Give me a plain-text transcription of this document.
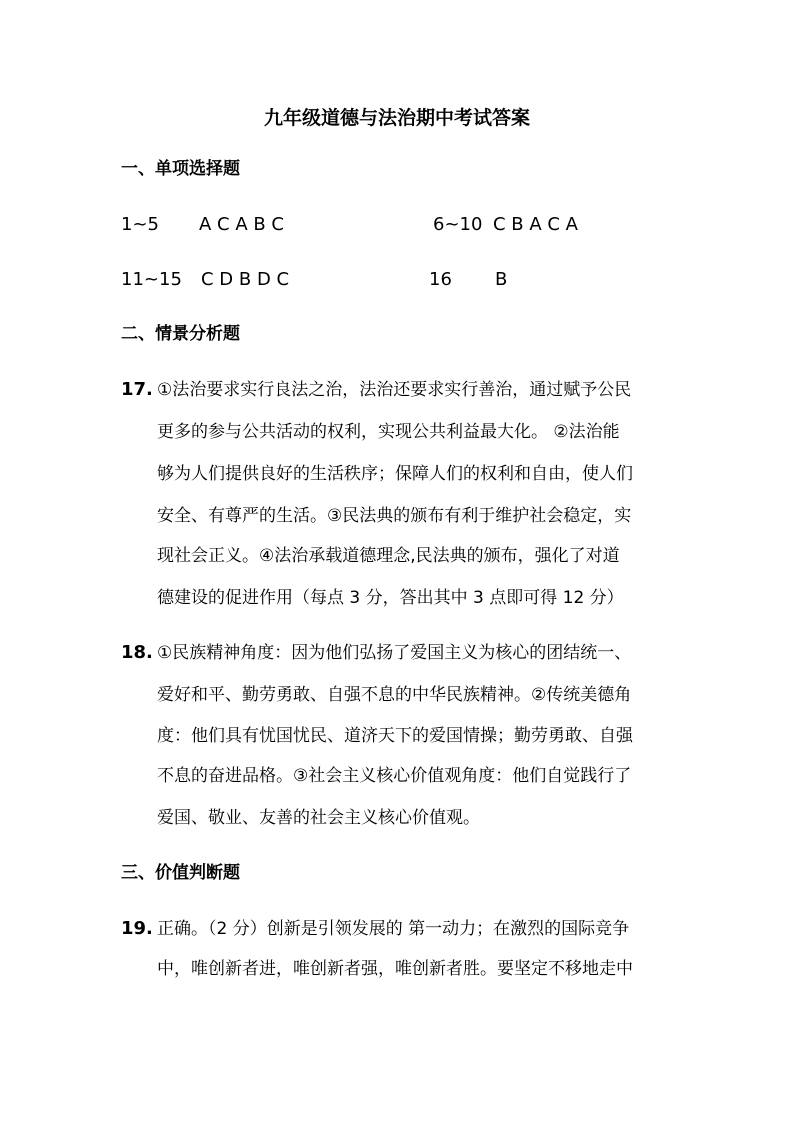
九年级道德与法治期中考试答案
一、单项选择题
1~5 A C A B C	6~10 C B A C A
11~15 C D B D C	16 B
二、情景分析题
17. ①法治要求实行良法之治，法治还要求实行善治，通过赋予公民
更多的参与公共活动的权利，实现公共利益最大化。 ②法治能
够为人们提供良好的生活秩序；保障人们的权利和自由，使人们
安全、有尊严的生活。③民法典的颁布有利于维护社会稳定，实
现社会正义。④法治承载道德理念,民法典的颁布，强化了对道
德建设的促进作用（每点 3 分，答出其中 3 点即可得 12 分）
18. ①民族精神角度：因为他们弘扬了爱国主义为核心的团结统一、
爱好和平、勤劳勇敢、自强不息的中华民族精神。②传统美德角
度：他们具有忧国忧民、道济天下的爱国情操；勤劳勇敢、自强
不息的奋进品格。③社会主义核心价值观角度：他们自觉践行了
爱国、敬业、友善的社会主义核心价值观。
三、价值判断题
19. 正确。（2 分）创新是引领发展的 第一动力；在激烈的国际竞争
中，唯创新者进，唯创新者强，唯创新者胜。要坚定不移地走中
